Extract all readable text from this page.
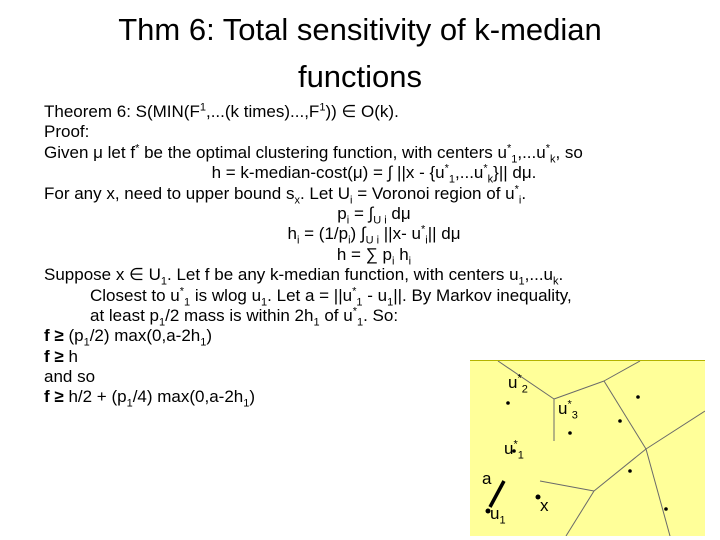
Thm 6: Total sensitivity of k-median
functions
Theorem 6: $S(MIN(F^1,...(k$ $times)...,F^1$)) ∈ O(k).
Proof:
Given μ let f* be the optimal clustering function, with centers $u^*_1,...u^*_k$, so
h = k-median-cost(μ) = ∫ $||x - \{u^*_1,...u^*_k\}||$ dμ.
For any x, need to upper bound $s_x$. Let $U_i$ = Voronoi region of $u^*_i$.
$p_i = \int_{U i}$ dμ
$h_i = (1/p_i)$ $\int_{U i}$ ||x- $u^*_i||$ dμ
h = ∑ $p_i$ $h_i$
Suppose x ∈ $U_1$. Let f be any k-median function, with centers $u_1,...u_k$.
Closest to $u^*_1$ is wlog $u_1$. Let $a = ||u^*_1 - u_1||$. By Markov inequality,
at least $p_1/2$ mass is within $2h_1$ of $u^*_1$. So:
$f \ge (p_1/2)$ $\max(0,a-2h_1)$
f ≥ h
and so
$f \ge h/2 + (p_1/4)$ $\max(0,a-2h_1)$
$u^*_2$
$u^*_3$
$u^*_1$
a
$u_1$
x
